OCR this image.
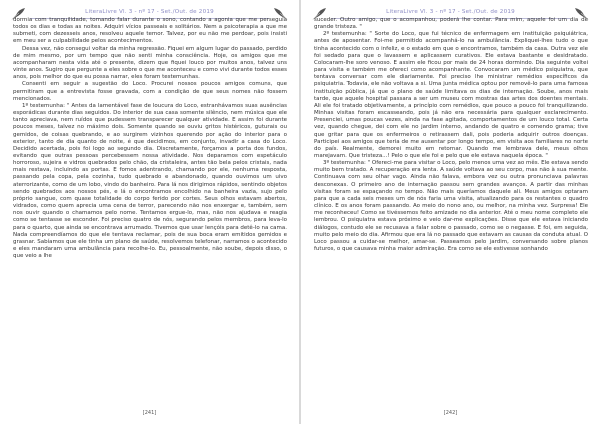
LiteraLivre Vl. 3 - nº 17 - Set./Out. de 2019

dormia com tranquilidade, tomando falar durante o sono, contando a agonia que me perseguia todos os dias e todas as noites. Adquiri vícios passeais e solitários. Nem a psicoterapia a que me submeti, com dezesseis anos, resolveu aquele temor. Talvez, por eu não me perdoar, pois insisti em meu ser a culpabilidade pelos acontecimentos.

Dessa vez, não consegui voltar da minha regressão. Fiquei em algum lugar do passado, perdido de mim mesmo, por um tempo que não senti minha consciência. Hoje, os amigos que me acompanharam nesta vida até o presente, dizem que fiquei louco por muitos anos, talvez uns vinte anos. Sugiro que pergunte a eles sobre o que me aconteceu e como vivi durante todos esses anos, pois melhor do que eu possa narrar, eles foram testemunhas.

Consenti em seguir a sugestão do Loco. Procurei nossos poucos amigos comuns, que permitiram que a entrevista fosse gravada, com a condição de que seus nomes não fossem mencionados.

1º testemunha: " Antes da lamentável fase de loucura do Loco, estranhávamos suas ausências esporádicas durante dias seguidos. Do interior de sua casa somente silêncio, nem música que ele tanto apreciava, nem ruídos que pudessem transparecer qualquer atividade. E assim foi durante poucos meses, talvez no máximo dois. Somente quando se ouviu gritos histéricos, guturais ou gemidos, de coisas quebrando, e ao surgirem vizinhos querendo por ação do interior para o exterior, tanto de dia quanto de noite, é que decidimos, em conjunto, invadir a casa do Loco. Decidido acertada, pois foi logo ao segundo dia. Discretamente, forçamos a porta dos fundos, evitando que outras pessoas percebessem nossa atividade. Nos deparamos com espetáculo horroroso, sujeira e vidros quebrados pelo chão, da cristaleira, antes tão bela pelos cristais, nada mais restava, incluindo as portas. E fomos adentrando, chamando por ele, nenhuma resposta, passando pela copa, pela cozinha, tudo quebrado e abandonado, quando ouvimos um uivo aterrorizante, como de um lobo, vindo do banheiro. Para lá nos dirigimos rápidos, sentindo objetos sendo quebrados aos nossos pés, e lá o encontramos encolhido na banheira vazia, sujo pelo próprio sangue, com quase totalidade do corpo ferido por cortes. Seus olhos estavam abertos, vidrados, como quem aprecia uma cena de terror, parecendo não nos enxergar e, também, sem nos ouvir quando o chamamos pelo nome. Tentamos ergue-lo, mas, não nos ajudava e reagia como se tentasse se esconder. Foi preciso quatro de nós, segurando pelos membros, para leva-lo para o quarto, que ainda se encontrava arrumado. Tivemos que usar lençóis para detê-lo na cama. Nada compreendíamos do que ele tentava reclamar, pois de sua boca eram emitidos gemidos e grasnar. Sabíamos que ele tinha um plano de saúde, resolvemos telefonar, narramos o acontecido e eles mandaram uma ambulância para recolhe-lo. Eu, pessoalmente, não soube, depois disso, o que veio a lhe

[241]
LiteraLivre Vl. 3 - nº 17 - Set./Out. de 2019

suceder. Outro amigo, que o acompanhou, poderá lhe contar. Para mim, aquele foi um dia de grande tristeza. "

2º testemunha: " Sorte do Loco, que fui técnico de enfermagem em instituição psiquiátrica, antes de aposentar. Foi-me permitido acompanhá-lo na ambulância. Expliquei-lhes tudo o que tinha acontecido com o infeliz, e o estado em que o encontramos, também da casa. Outra vez ele foi sedado para que o lavassem e aplicassem curativos. Ele estava bastante e desidratado. Colocaram-lhe soro venoso. E assim ele ficou por mais de 24 horas dormindo. Dia seguinte voltei para visita e também me ofereci como acompanhante. Convocaram um médico psiquiatra, que tentava conversar com ele diariamente. Foi preciso lhe ministrar remédios específicos da psiquiatria. Todavia, ele não voltava a si. Uma junta médica optou por removê-lo para uma famosa instituição pública, já que o plano de saúde limitava os dias de internação. Soube, anos mais tarde, que aquele hospital passara a ser um museu com mostras das artes dos doentes mentais. Ali ele foi tratado objetivamente, a princípio com remédios, que pouco a pouco foi tranquilizando. Minhas visitas foram escasseando, pois já não era necessária para qualquer esclarecimento. Presenciei, umas poucas vezes, ainda na fase agitada, comportamentos de um louco total. Certa vez, quando chegue, dei com ele no jardim interno, andando de quatro e comendo grama; tive que gritar para que os enfermeiros o retirassem dali, pois poderia adquirir outros doenças. Participei aos amigos que teria de me ausentar por longo tempo, em visita aos familiares no norte do país. Realmente, demorei muito em retornar. Quando me lembrava dele, meus olhos marejavam. Que tristeza...! Pelo o que ele foi e pelo que ele estava naquela época. "

3º testemunha: " Ofereci-me para visitar o Loco, pelo menos uma vez ao mês. Ele estava sendo muito bem tratado. A recuperação era lenta. A saúde voltava ao seu corpo, mas não à sua mente. Continuava com seu olhar vago. Ainda não falava, embora vez ou outra pronunciava palavras desconexas. O primeiro ano de internação passou sem grandes avanços. A partir das minhas visitas foram se espaçando no tempo. Não mais queríamos daquele ali. Meus amigos optaram para que a cada seis meses um de nós faria uma visita, atualizando para os restantes o quadro clínico. E os anos foram passando. Ao meio do nono ano, ou melhor, na minha vez. Surpresa! Ele me reconheceu! Como se tivéssemos feito amizade no dia anterior. Até o meu nome completo ele lembrou. O psiquiatra estava próximo e veio dar-me explicações. Disse que ele estava iniciando diálogos, contudo ele se recusava a falar sobre o passado, como se o negasse. E foi, em seguida, muito pelo meio do dia. Afirmou que era lá no passado que estavam as causas da conduta atual. O Loco passou a cuidar-se melhor, amar-se. Passeamos pelo jardim, conversando sobre planos futuros, o que causava minha maior admiração. Era como se ele estivesse sonhando

[242]
